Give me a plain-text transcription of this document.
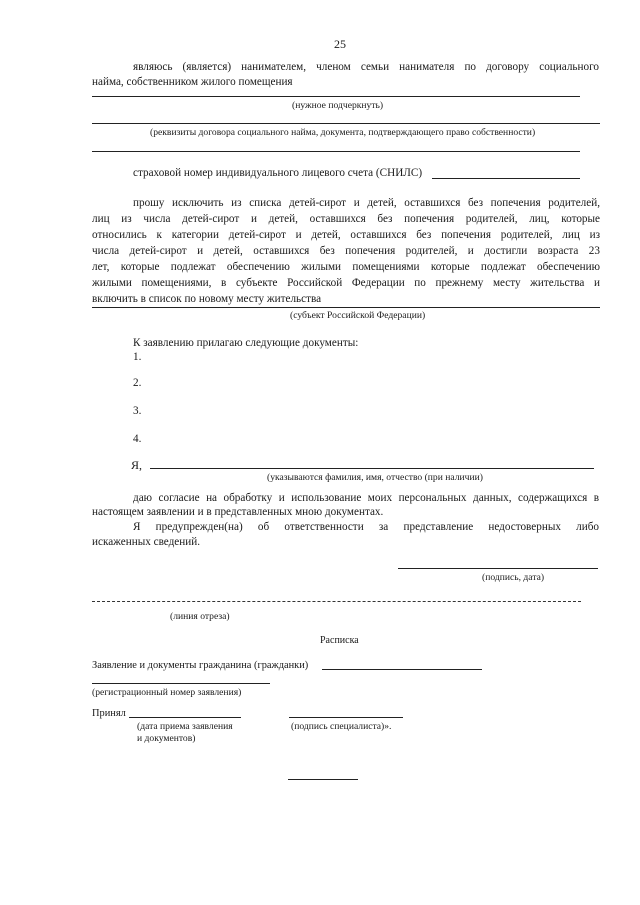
25
являюсь (является) нанимателем, членом семьи нанимателя по договору социального
найма, собственником жилого помещения
(нужное подчеркнуть)
(реквизиты договора социального найма, документа, подтверждающего право собственности)
страховой номер индивидуального лицевого счета (СНИЛС)
прошу исключить из списка детей-сирот и детей, оставшихся без попечения родителей,
лиц из числа детей-сирот и детей, оставшихся без попечения родителей, лиц, которые
относились к категории детей-сирот и детей, оставшихся без попечения родителей, лиц из
числа детей-сирот и детей, оставшихся без попечения родителей, и достигли возраста 23
лет, которые подлежат обеспечению жилыми помещениями которые подлежат обеспечению
жилыми помещениями, в субъекте Российской Федерации по прежнему месту жительства и
включить в список по новому месту жительства
(субъект Российской Федерации)
К заявлению прилагаю следующие документы:
1.
2.
3.
4.
Я,
(указываются фамилия, имя, отчество (при наличии)
даю согласие на обработку и использование моих персональных данных, содержащихся в
настоящем заявлении и в представленных мною документах.
Я предупрежден(на) об ответственности за представление недостоверных либо
искаженных сведений.
(подпись, дата)
(линия отреза)
Расписка
Заявление и документы гражданина (гражданки)
(регистрационный номер заявления)
Принял
(дата приема заявления
и документов)
(подпись специалиста)».
